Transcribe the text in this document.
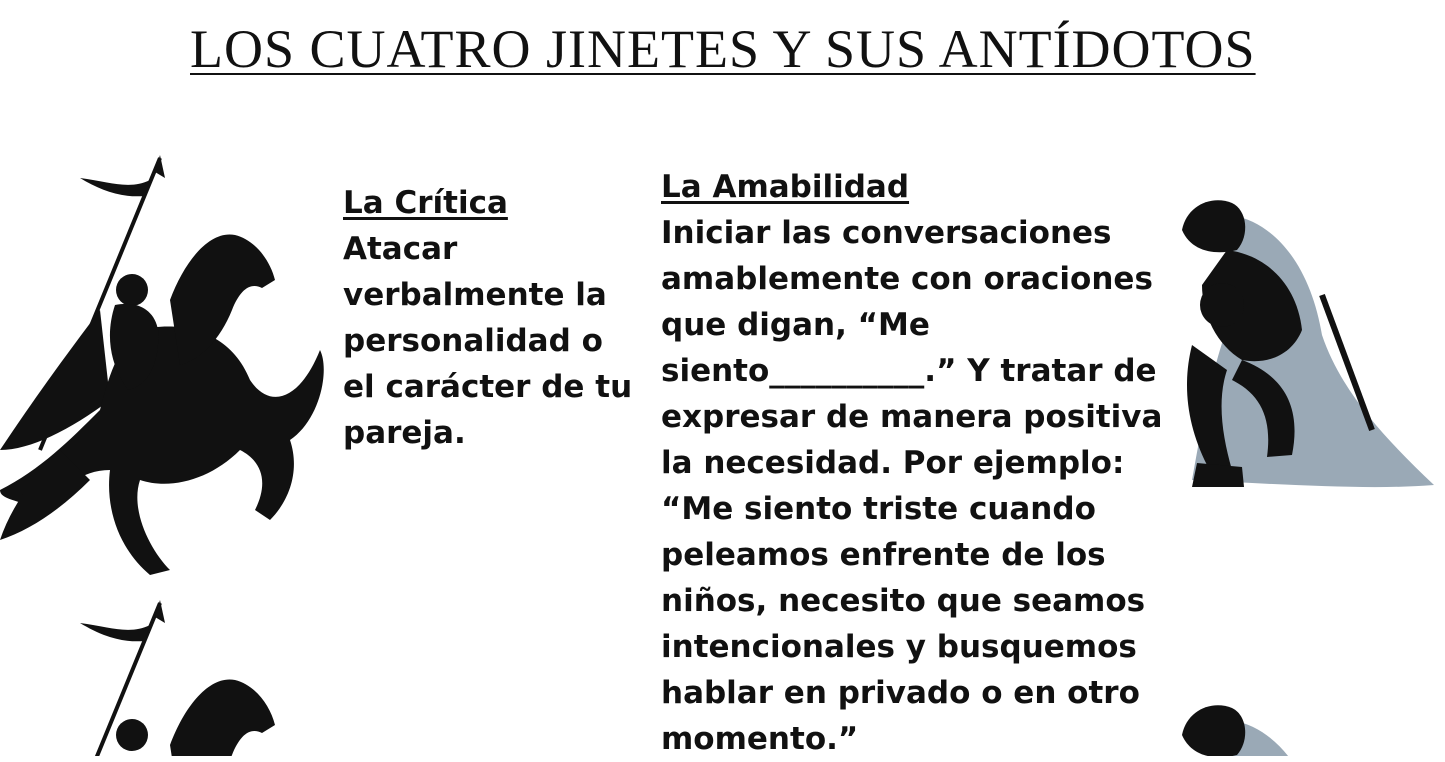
LOS CUATRO JINETES Y SUS ANTÍDOTOS
La Crítica

Atacar verbalmente la personalidad o el carácter de tu pareja.

La Amabilidad

Iniciar las conversaciones amablemente con oraciones que digan, “Me siento__________.” Y tratar de expresar de manera positiva la necesidad. Por ejemplo: “Me siento triste cuando peleamos enfrente de los niños, necesito que seamos intencionales y busquemos hablar en privado o en otro momento.”
